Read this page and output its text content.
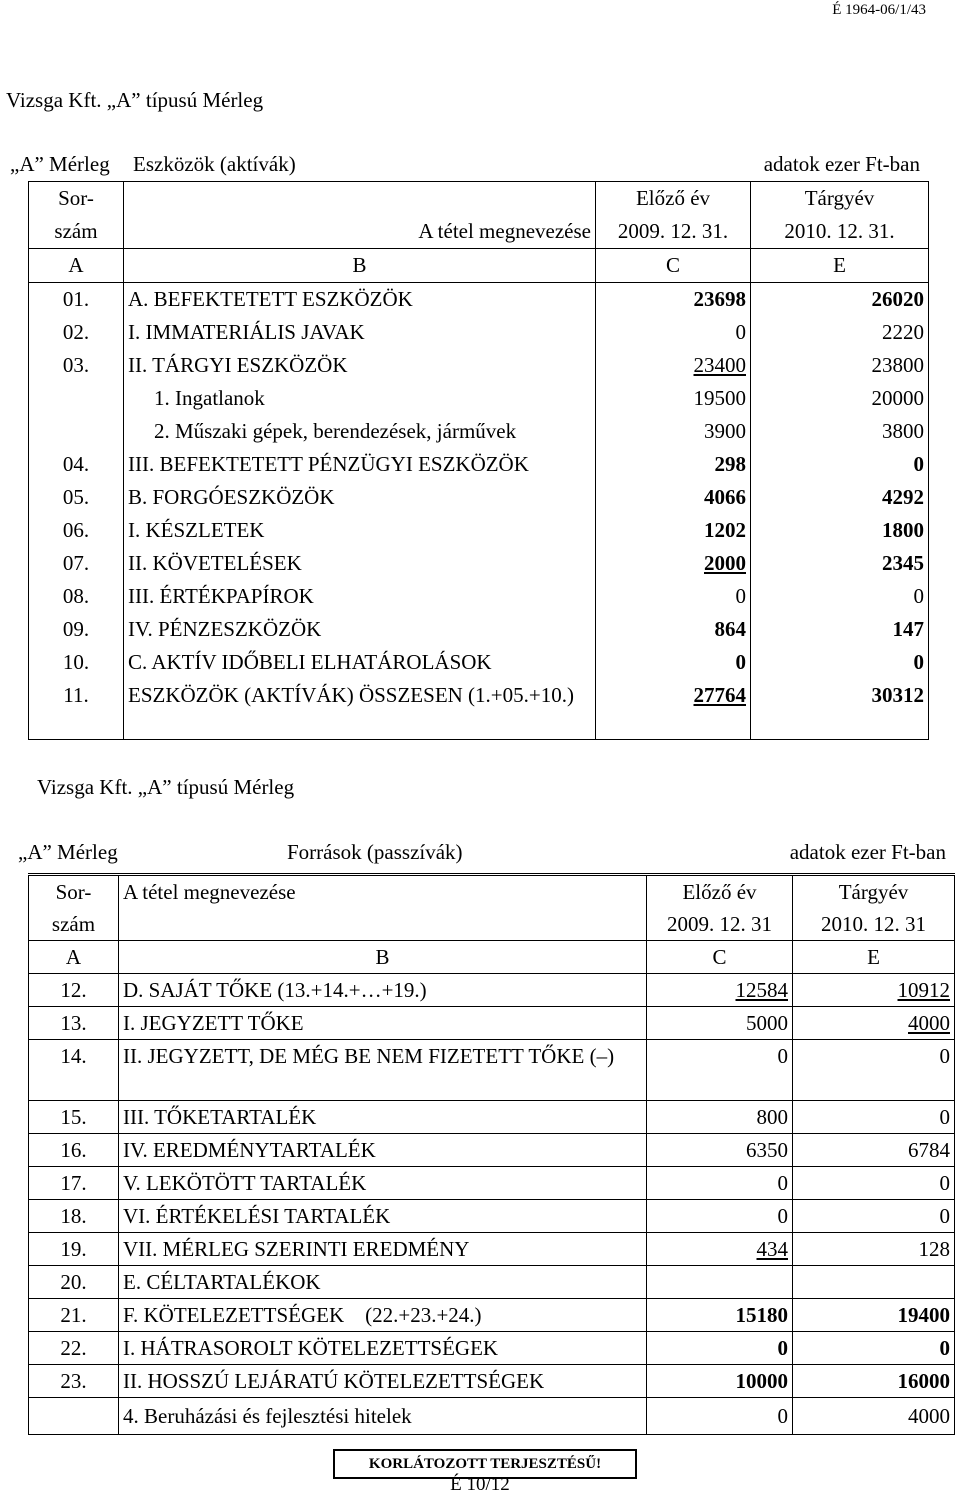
É 1964-06/1/43
Vizsga Kft. „A” típusú Mérleg
„A” Mérleg Eszközök (aktívák)	adatok ezer Ft-ban
Sor-		Előző év	Tárgyév
szám	A tétel megnevezése	2009. 12. 31.	2010. 12. 31.
A	B	C	E
01.	A. BEFEKTETETT ESZKÖZÖK	23698	26020
02.	I. IMMATERIÁLIS JAVAK	0	2220
03.	II. TÁRGYI ESZKÖZÖK	23400	23800
	1. Ingatlanok	19500	20000
	2. Műszaki gépek, berendezések, járművek	3900	3800
04.	III. BEFEKTETETT PÉNZÜGYI ESZKÖZÖK	298	0
05.	B. FORGÓESZKÖZÖK	4066	4292
06.	I. KÉSZLETEK	1202	1800
07.	II. KÖVETELÉSEK	2000	2345
08.	III. ÉRTÉKPAPÍROK	0	0
09.	IV. PÉNZESZKÖZÖK	864	147
10.	C. AKTÍV IDŐBELI ELHATÁROLÁSOK	0	0
11.	ESZKÖZÖK (AKTÍVÁK) ÖSSZESEN (1.+05.+10.)	27764	30312
Vizsga Kft. „A” típusú Mérleg
„A” Mérleg	Források (passzívák)	adatok ezer Ft-ban
Sor-	A tétel megnevezése	Előző év	Tárgyév
szám		2009. 12. 31	2010. 12. 31
A	B	C	E
12.	D. SAJÁT TŐKE (13.+14.+…+19.)	12584	10912
13.	I. JEGYZETT TŐKE	5000	4000
14.	II. JEGYZETT, DE MÉG BE NEM FIZETETT TŐKE (–)	0	0
15.	III. TŐKETARTALÉK	800	0
16.	IV. EREDMÉNYTARTALÉK	6350	6784
17.	V. LEKÖTÖTT TARTALÉK	0	0
18.	VI. ÉRTÉKELÉSI TARTALÉK	0	0
19.	VII. MÉRLEG SZERINTI EREDMÉNY	434	128
20.	E. CÉLTARTALÉKOK		
21.	F. KÖTELEZETTSÉGEK    (22.+23.+24.)	15180	19400
22.	I. HÁTRASOROLT KÖTELEZETTSÉGEK	0	0
23.	II. HOSSZÚ LEJÁRATÚ KÖTELEZETTSÉGEK	10000	16000
	4. Beruházási és fejlesztési hitelek	0	4000
KORLÁTOZOTT TERJESZTÉSŰ!
É 10/12
